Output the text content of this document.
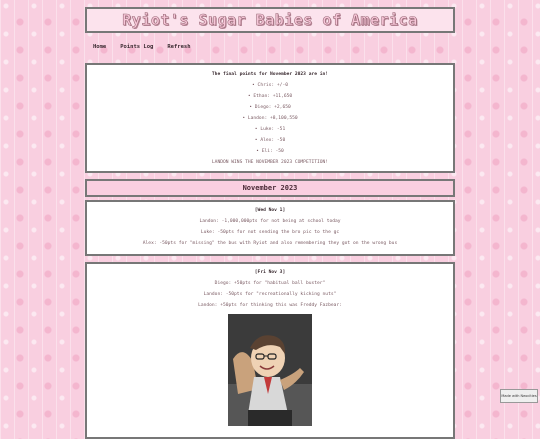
Ryiot's Sugar Babies of America
Home	Points Log	Refresh

The final points for November 2023 are in!

• Chris: +/-0
• Ethan: +11,650
• Diego: +2,650
• Landon: +8,100,550
• Luke: -51
• Alex: -50
• Eli: -50

LANDON WINS THE NOVEMBER 2023 COMPETITION!

November 2023

[Wed Nov 1]

Landon: -1,000,000pts for not being at school today

Luke: -50pts for not sending the bro pic to the gc

Alex: -50pts for "missing" the bus with Ryiot and also remembering they got on the wrong bus

[Fri Nov 3]

Diego: +50pts for "habitual ball buster"

Landon: -50pts for "recreationally kicking nuts"

Landon: +50pts for thinking this was Freddy Fazbear:

Made with Neocities
